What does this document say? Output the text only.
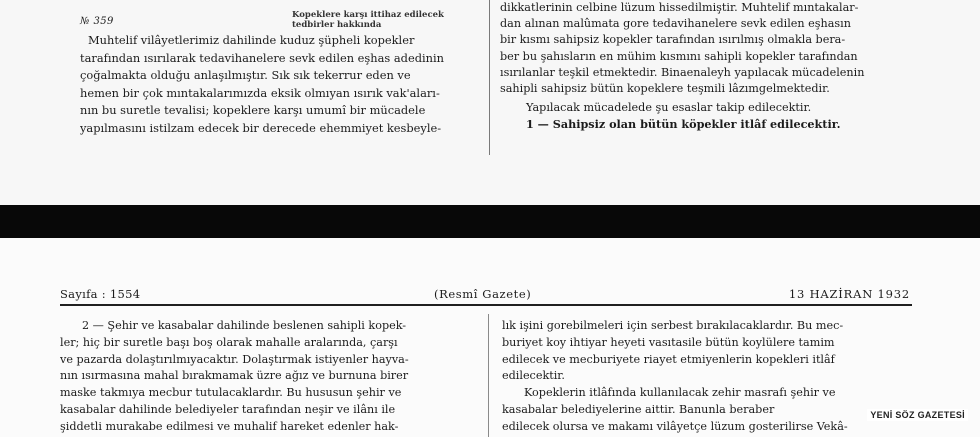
№ 359
Kopeklere karşı ittihaz edilecek
tedbirler hakkında
Muhtelif vilâyetlerimiz dahilinde kuduz şüpheli kopekler
tarafından ısırılarak tedavihanelere sevk edilen eşhas adedinin
çoğalmakta olduğu anlaşılmıştır. Sık sık tekerrur eden ve
hemen bir çok mıntakalarımızda eksik olmıyan ısırık vak'aları-
nın bu suretle tevalisi; kopeklere karşı umumî bir mücadele
yapılmasını istilzam edecek bir derecede ehemmiyet kesbeyle-
dikkatlerinin celbine lüzum hissedilmiştir. Muhtelif mıntakalar-
dan alınan malûmata gore tedavihanelere sevk edilen eşhasın
bir kısmı sahipsiz kopekler tarafından ısırılmış olmakla bera-
ber bu şahısların en mühim kısmını sahipli kopekler tarafından
ısırılanlar teşkil etmektedir. Binaenaleyh yapılacak mücadelenin
sahipli sahipsiz bütün kopeklere teşmili lâzımgelmektedir.
Yapılacak mücadelede şu esaslar takip edilecektir.
1 — Sahipsiz olan bütün köpekler itlâf edilecektir.
Sayıfa : 1554	(Resmî Gazete)	13 HAZİRAN 1932
2 — Şehir ve kasabalar dahilinde beslenen sahipli kopek-
ler; hiç bir suretle başı boş olarak mahalle aralarında, çarşı
ve pazarda dolaştırılmıyacaktır. Dolaştırmak istiyenler hayva-
nın ısırmasına mahal bırakmamak üzre ağız ve burnuna birer
maske takmıya mecbur tutulacaklardır. Bu hususun şehir ve
kasabalar dahilinde belediyeler tarafından neşir ve ilânı ile
şiddetli murakabe edilmesi ve muhalif hareket edenler hak-
lık işini gorebilmeleri için serbest bırakılacaklardır. Bu mec-
buriyet koy ihtiyar heyeti vasıtasile bütün koylülere tamim
edilecek ve mecburiyete riayet etmiyenlerin kopekleri itlâf
edilecektir.
Kopeklerin itlâfında kullanılacak zehir masrafı şehir ve
kasabalar belediyelerine aittir. Banunla beraber
edilecek olursa ve makamı vilâyetçe lüzum gosterilirse Vekâ-
YENİ SÖZ GAZETESİ
